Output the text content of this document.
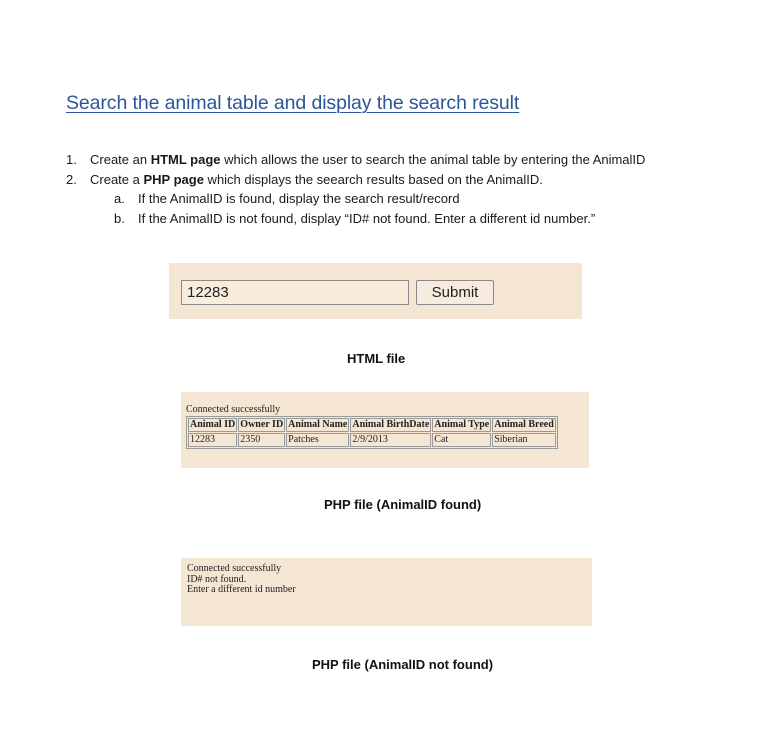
Search the animal table and display the search result
1. Create an HTML page which allows the user to search the animal table by entering the AnimalID
2. Create a PHP page which displays the seearch results based on the AnimalID.
a. If the AnimalID is found, display the search result/record
b. If the AnimalID is not found, display “ID# not found. Enter a different id number.”
12283
Submit
HTML file
Connected successfully
Animal ID	Owner ID	Animal Name	Animal BirthDate	Animal Type	Animal Breed
12283	2350	Patches	2/9/2013	Cat	Siberian
PHP file (AnimalID found)
Connected successfully
ID# not found.
Enter a different id number
PHP file (AnimalID not found)
